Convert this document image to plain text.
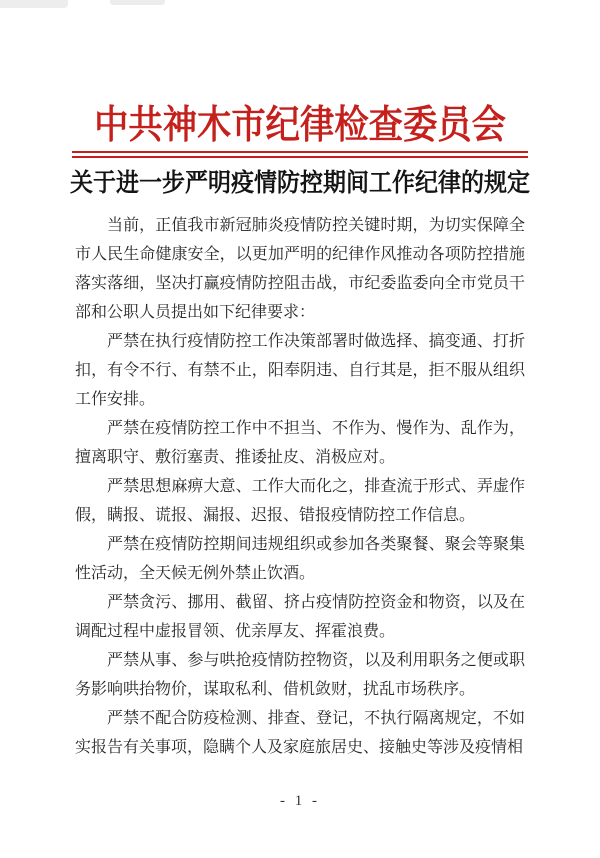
中共神木市纪律检查委员会
关于进一步严明疫情防控期间工作纪律的规定

当前，正值我市新冠肺炎疫情防控关键时期，为切实保障全市人民生命健康安全，以更加严明的纪律作风推动各项防控措施落实落细，坚决打赢疫情防控阻击战，市纪委监委向全市党员干部和公职人员提出如下纪律要求：

严禁在执行疫情防控工作决策部署时做选择、搞变通、打折扣，有令不行、有禁不止，阳奉阴违、自行其是，拒不服从组织工作安排。

严禁在疫情防控工作中不担当、不作为、慢作为、乱作为，擅离职守、敷衍塞责、推诿扯皮、消极应对。

严禁思想麻痹大意、工作大而化之，排查流于形式、弄虚作假，瞒报、谎报、漏报、迟报、错报疫情防控工作信息。

严禁在疫情防控期间违规组织或参加各类聚餐、聚会等聚集性活动，全天候无例外禁止饮酒。

严禁贪污、挪用、截留、挤占疫情防控资金和物资，以及在调配过程中虚报冒领、优亲厚友、挥霍浪费。

严禁从事、参与哄抢疫情防控物资，以及利用职务之便或职务影响哄抬物价，谋取私利、借机敛财，扰乱市场秩序。

严禁不配合防疫检测、排查、登记，不执行隔离规定，不如实报告有关事项，隐瞒个人及家庭旅居史、接触史等涉及疫情相

- 1 -
